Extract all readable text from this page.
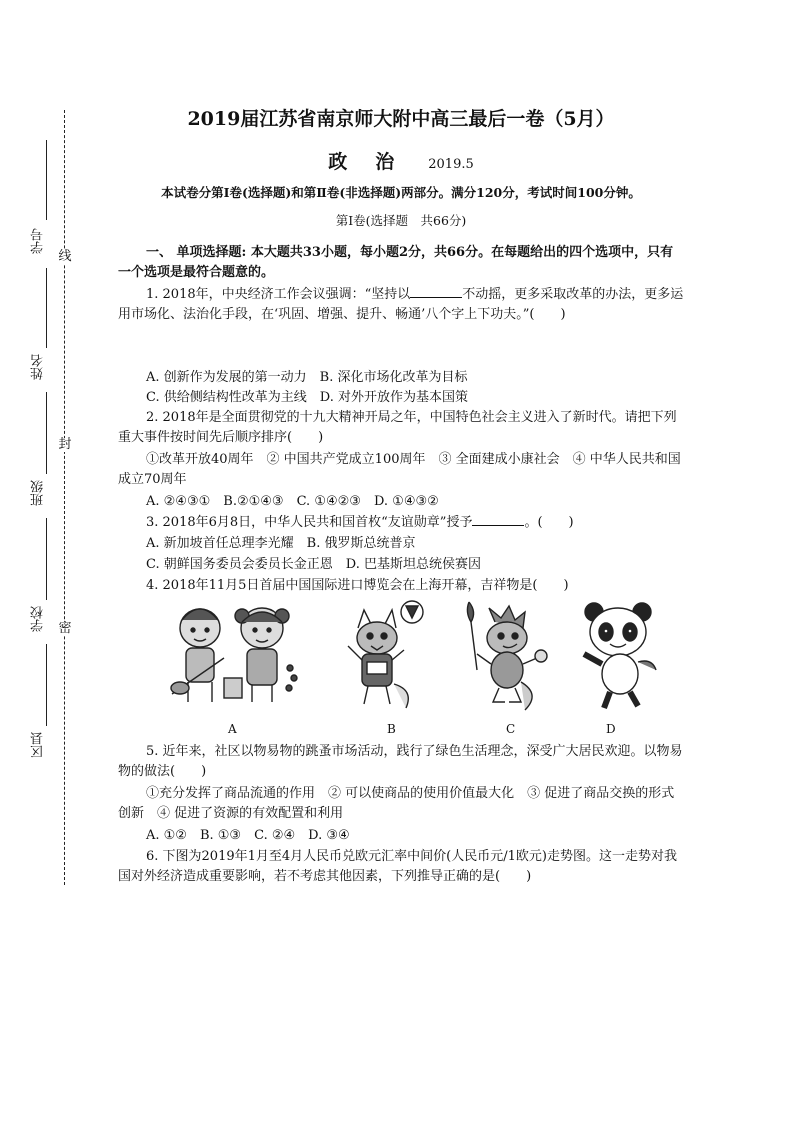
线
封
密
学号
姓名
班级
学校
区县
2019届江苏省南京师大附中高三最后一卷（5月）
政治 2019.5
本试卷分第Ⅰ卷(选择题)和第Ⅱ卷(非选择题)两部分。满分120分，考试时间100分钟。
第Ⅰ卷(选择题　共66分)
一、 单项选择题: 本大题共33小题，每小题2分，共66分。在每题给出的四个选项中，只有一个选项是最符合题意的。
1. 2018年，中央经济工作会议强调：“坚持以	不动摇，更多采取改革的办法，更多运用市场化、法治化手段，在‘巩固、增强、提升、畅通’八个字上下功夫。”(　　)
A. 创新作为发展的第一动力　B. 深化市场化改革为目标
C. 供给侧结构性改革为主线　D. 对外开放作为基本国策
2. 2018年是全面贯彻党的十九大精神开局之年，中国特色社会主义进入了新时代。请把下列重大事件按时间先后顺序排序(　　)
①改革开放40周年　② 中国共产党成立100周年　③ 全面建成小康社会　④ 中华人民共和国成立70周年
A. ②④③①　B.②①④③　C. ①④②③　D. ①④③②
3. 2018年6月8日，中华人民共和国首枚“友谊勋章”授予	。(　　)
A. 新加坡首任总理李光耀　B. 俄罗斯总统普京
C. 朝鲜国务委员会委员长金正恩　D. 巴基斯坦总统侯赛因
4. 2018年11月5日首届中国国际进口博览会在上海开幕，吉祥物是(　　)
A	B	C	D
5. 近年来，社区以物易物的跳蚤市场活动，践行了绿色生活理念，深受广大居民欢迎。以物易物的做法(　　)
①充分发挥了商品流通的作用　② 可以使商品的使用价值最大化　③ 促进了商品交换的形式创新　④ 促进了资源的有效配置和利用
A. ①②　B. ①③　C. ②④　D. ③④
6. 下图为2019年1月至4月人民币兑欧元汇率中间价(人民币元/1欧元)走势图。这一走势对我国对外经济造成重要影响，若不考虑其他因素，下列推导正确的是(　　)
